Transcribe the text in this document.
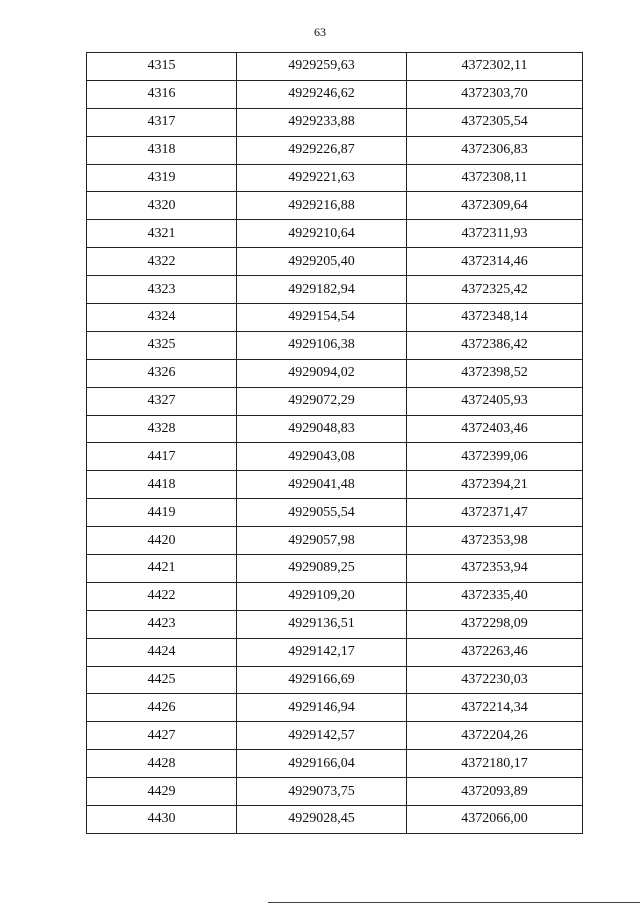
63
4315	4929259,63	4372302,11
4316	4929246,62	4372303,70
4317	4929233,88	4372305,54
4318	4929226,87	4372306,83
4319	4929221,63	4372308,11
4320	4929216,88	4372309,64
4321	4929210,64	4372311,93
4322	4929205,40	4372314,46
4323	4929182,94	4372325,42
4324	4929154,54	4372348,14
4325	4929106,38	4372386,42
4326	4929094,02	4372398,52
4327	4929072,29	4372405,93
4328	4929048,83	4372403,46
4417	4929043,08	4372399,06
4418	4929041,48	4372394,21
4419	4929055,54	4372371,47
4420	4929057,98	4372353,98
4421	4929089,25	4372353,94
4422	4929109,20	4372335,40
4423	4929136,51	4372298,09
4424	4929142,17	4372263,46
4425	4929166,69	4372230,03
4426	4929146,94	4372214,34
4427	4929142,57	4372204,26
4428	4929166,04	4372180,17
4429	4929073,75	4372093,89
4430	4929028,45	4372066,00
